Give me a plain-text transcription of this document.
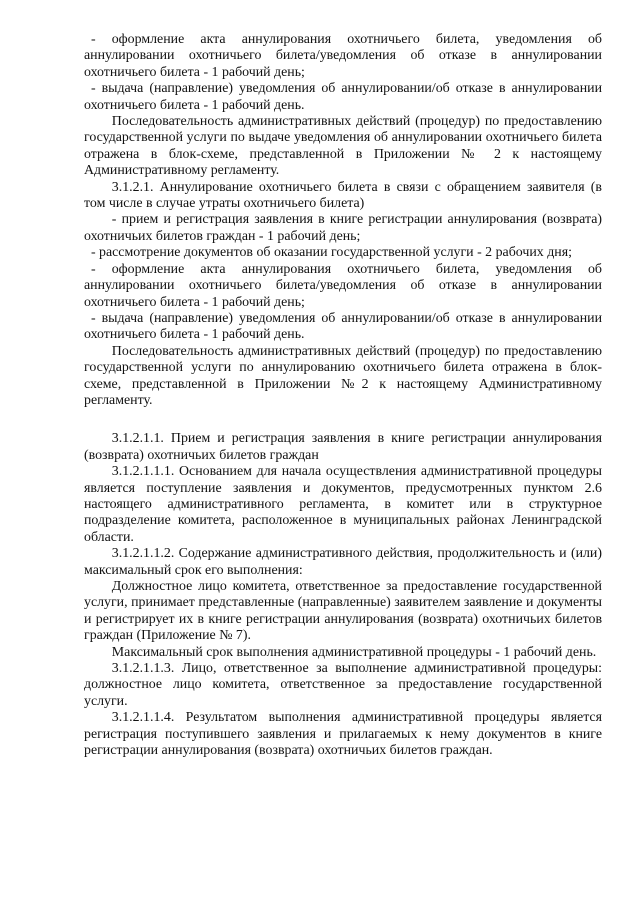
- оформление акта аннулирования охотничьего билета, уведомления об аннулировании охотничьего билета/уведомления об отказе в аннулировании охотничьего билета - 1 рабочий день;

- выдача (направление) уведомления об аннулировании/об отказе в аннулировании охотничьего билета - 1 рабочий день.

Последовательность административных действий (процедур) по предоставлению государственной услуги по выдаче уведомления об аннулировании охотничьего билета отражена в блок-схеме, представленной в Приложении № 2 к настоящему Административному регламенту.

3.1.2.1. Аннулирование охотничьего билета в связи с обращением заявителя (в том числе в случае утраты охотничьего билета)

- прием и регистрация заявления в книге регистрации аннулирования (возврата) охотничьих билетов граждан - 1 рабочий день;

- рассмотрение документов об оказании государственной услуги - 2 рабочих дня;

- оформление акта аннулирования охотничьего билета, уведомления об аннулировании охотничьего билета/уведомления об отказе в аннулировании охотничьего билета - 1 рабочий день;

- выдача (направление) уведомления об аннулировании/об отказе в аннулировании охотничьего билета - 1 рабочий день.

Последовательность административных действий (процедур) по предоставлению государственной услуги по аннулированию охотничьего билета отражена в блок-схеме, представленной в Приложении №2 к настоящему Административному регламенту.

3.1.2.1.1. Прием и регистрация заявления в книге регистрации аннулирования (возврата) охотничьих билетов граждан

3.1.2.1.1.1. Основанием для начала осуществления административной процедуры является поступление заявления и документов, предусмотренных пунктом 2.6 настоящего административного регламента, в комитет или в структурное подразделение комитета, расположенное в муниципальных районах Ленинградской области.

3.1.2.1.1.2. Содержание административного действия, продолжительность и (или) максимальный срок его выполнения:

Должностное лицо комитета, ответственное за предоставление государственной услуги, принимает представленные (направленные) заявителем заявление и документы и регистрирует их в книге регистрации аннулирования (возврата) охотничьих билетов граждан (Приложение № 7).

Максимальный срок выполнения административной процедуры - 1 рабочий день.

3.1.2.1.1.3. Лицо, ответственное за выполнение административной процедуры: должностное лицо комитета, ответственное за предоставление государственной услуги.

3.1.2.1.1.4. Результатом выполнения административной процедуры является регистрация поступившего заявления и прилагаемых к нему документов в книге регистрации аннулирования (возврата) охотничьих билетов граждан.
